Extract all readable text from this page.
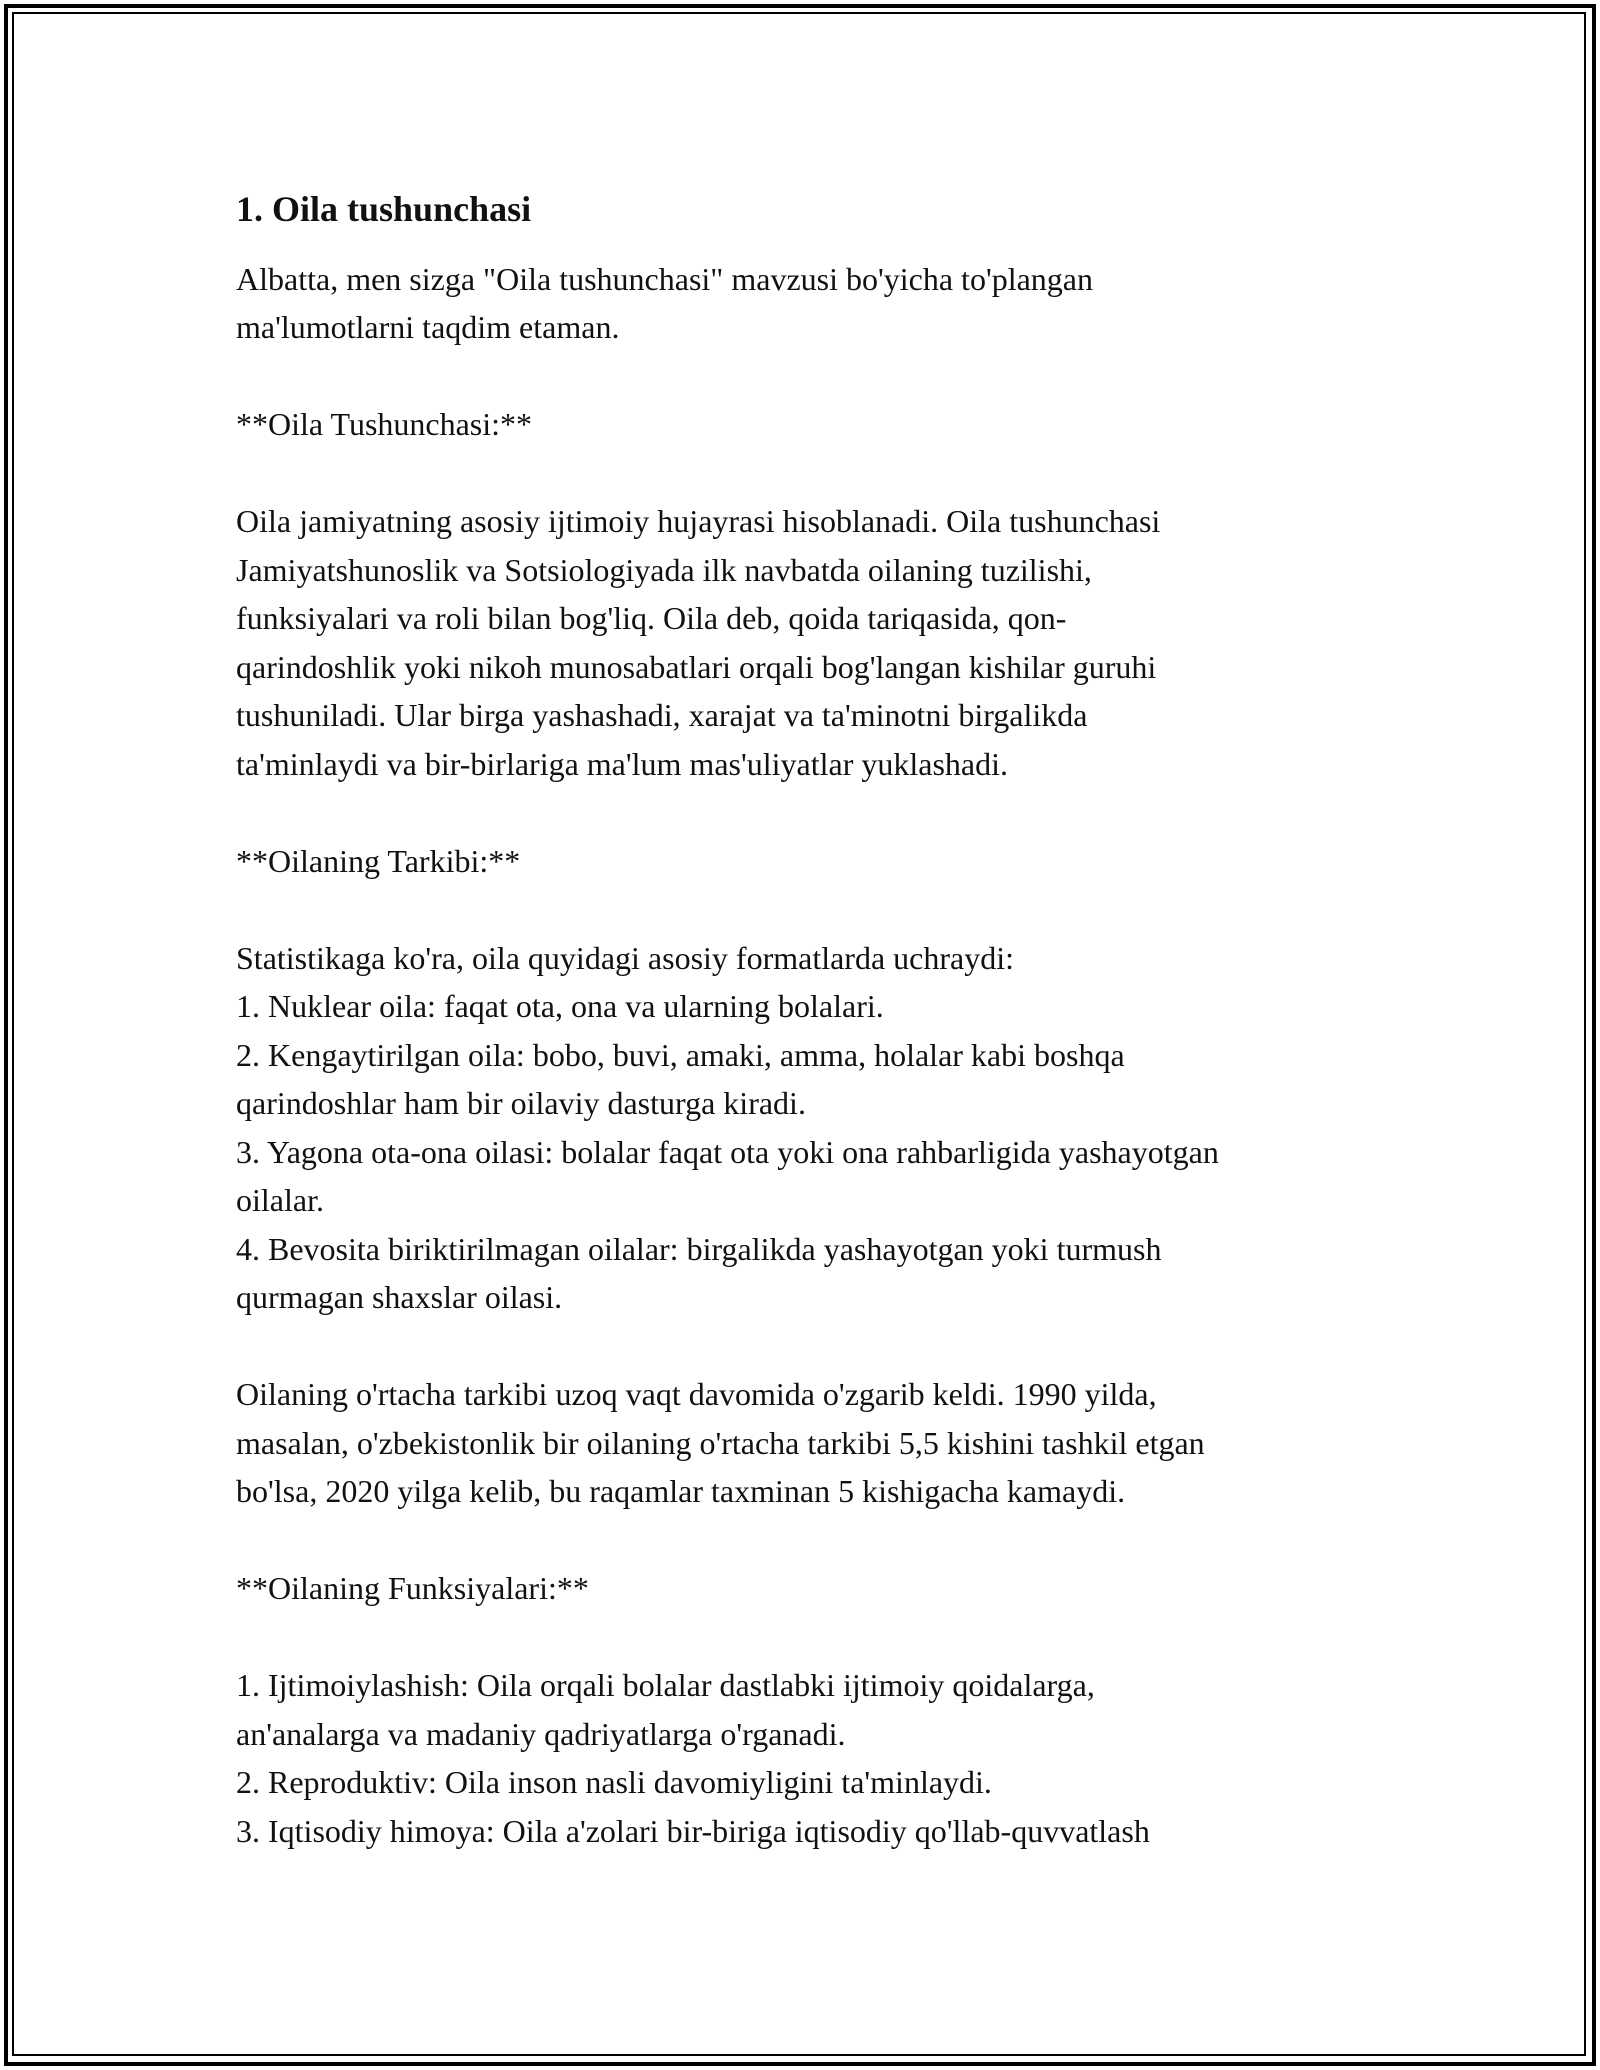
1. Oila tushunchasi

Albatta, men sizga "Oila tushunchasi" mavzusi bo'yicha to'plangan
ma'lumotlarni taqdim etaman.

**Oila Tushunchasi:**

Oila jamiyatning asosiy ijtimoiy hujayrasi hisoblanadi. Oila tushunchasi
Jamiyatshunoslik va Sotsiologiyada ilk navbatda oilaning tuzilishi,
funksiyalari va roli bilan bog'liq. Oila deb, qoida tariqasida, qon-
qarindoshlik yoki nikoh munosabatlari orqali bog'langan kishilar guruhi
tushuniladi. Ular birga yashashadi, xarajat va ta'minotni birgalikda
ta'minlaydi va bir-birlariga ma'lum mas'uliyatlar yuklashadi.

**Oilaning Tarkibi:**

Statistikaga ko'ra, oila quyidagi asosiy formatlarda uchraydi:

1. Nuklear oila: faqat ota, ona va ularning bolalari.

2. Kengaytirilgan oila: bobo, buvi, amaki, amma, holalar kabi boshqa
qarindoshlar ham bir oilaviy dasturga kiradi.

3. Yagona ota-ona oilasi: bolalar faqat ota yoki ona rahbarligida yashayotgan
oilalar.

4. Bevosita biriktirilmagan oilalar: birgalikda yashayotgan yoki turmush
qurmagan shaxslar oilasi.

Oilaning o'rtacha tarkibi uzoq vaqt davomida o'zgarib keldi. 1990 yilda,
masalan, o'zbekistonlik bir oilaning o'rtacha tarkibi 5,5 kishini tashkil etgan
bo'lsa, 2020 yilga kelib, bu raqamlar taxminan 5 kishigacha kamaydi.

**Oilaning Funksiyalari:**

1. Ijtimoiylashish: Oila orqali bolalar dastlabki ijtimoiy qoidalarga,
an'analarga va madaniy qadriyatlarga o'rganadi.

2. Reproduktiv: Oila inson nasli davomiyligini ta'minlaydi.

3. Iqtisodiy himoya: Oila a'zolari bir-biriga iqtisodiy qo'llab-quvvatlash
